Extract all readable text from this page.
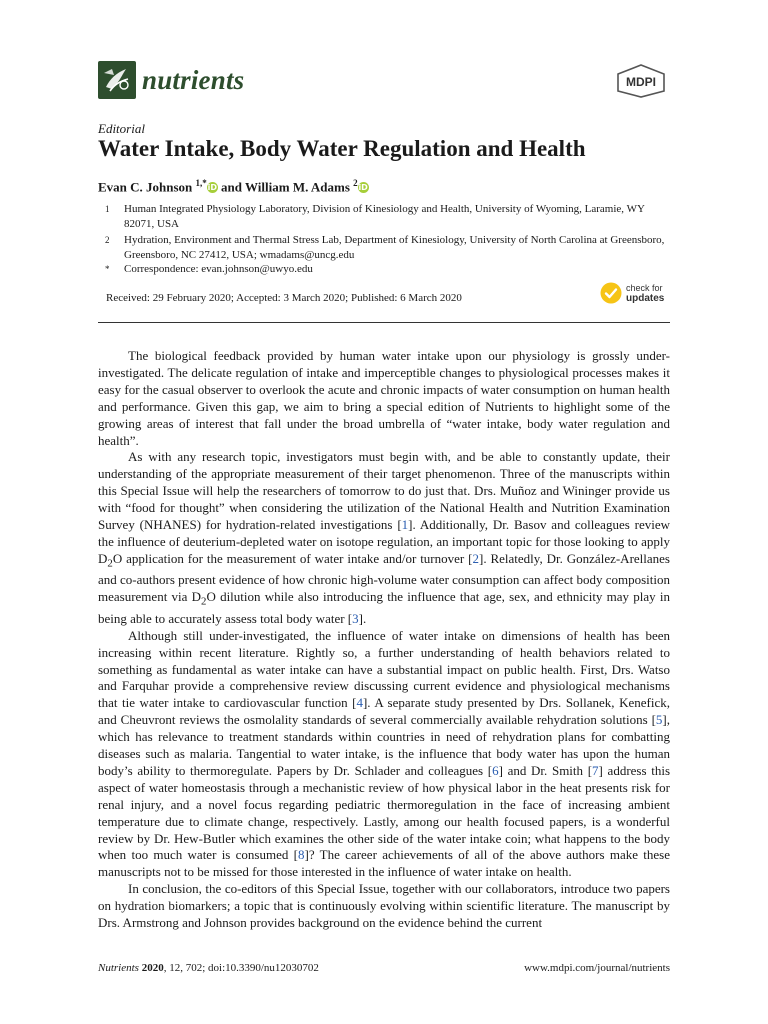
nutrients	MDPI
Editorial
Water Intake, Body Water Regulation and Health
Evan C. Johnson $^{1,*}$iD and William M. Adams $^2$iD
1	Human Integrated Physiology Laboratory, Division of Kinesiology and Health, University of Wyoming, Laramie, WY 82071, USA
2	Hydration, Environment and Thermal Stress Lab, Department of Kinesiology, University of North Carolina at Greensboro, Greensboro, NC 27412, USA; wmadams@uncg.edu
*	Correspondence: evan.johnson@uwyo.edu
Received: 29 February 2020; Accepted: 3 March 2020; Published: 6 March 2020
check for
updates

The biological feedback provided by human water intake upon our physiology is grossly under-investigated. The delicate regulation of intake and imperceptible changes to physiological processes makes it easy for the casual observer to overlook the acute and chronic impacts of water consumption on human health and performance. Given this gap, we aim to bring a special edition of Nutrients to highlight some of the growing areas of interest that fall under the broad umbrella of “water intake, body water regulation and health”.

As with any research topic, investigators must begin with, and be able to constantly update, their understanding of the appropriate measurement of their target phenomenon. Three of the manuscripts within this Special Issue will help the researchers of tomorrow to do just that. Drs. Muñoz and Wininger provide us with “food for thought” when considering the utilization of the National Health and Nutrition Examination Survey (NHANES) for hydration-related investigations [1]. Additionally, Dr. Basov and colleagues review the influence of deuterium-depleted water on isotope regulation, an important topic for those looking to apply $D_2O$ application for the measurement of water intake and/or turnover [2]. Relatedly, Dr. González-Arellanes and co-authors present evidence of how chronic high-volume water consumption can affect body composition measurement via $D_2O$ dilution while also introducing the influence that age, sex, and ethnicity may play in being able to accurately assess total body water [3].

Although still under-investigated, the influence of water intake on dimensions of health has been increasing within recent literature. Rightly so, a further understanding of health behaviors related to something as fundamental as water intake can have a substantial impact on public health. First, Drs. Watso and Farquhar provide a comprehensive review discussing current evidence and physiological mechanisms that tie water intake to cardiovascular function [4]. A separate study presented by Drs. Sollanek, Kenefick, and Cheuvront reviews the osmolality standards of several commercially available rehydration solutions [5], which has relevance to treatment standards within countries in need of rehydration plans for combatting diseases such as malaria. Tangential to water intake, is the influence that body water has upon the human body’s ability to thermoregulate. Papers by Dr. Schlader and colleagues [6] and Dr. Smith [7] address this aspect of water homeostasis through a mechanistic review of how physical labor in the heat presents risk for renal injury, and a novel focus regarding pediatric thermoregulation in the face of increasing ambient temperature due to climate change, respectively. Lastly, among our health focused papers, is a wonderful review by Dr. Hew-Butler which examines the other side of the water intake coin; what happens to the body when too much water is consumed [8]? The career achievements of all of the above authors make these manuscripts not to be missed for those interested in the influence of water intake on health.

In conclusion, the co-editors of this Special Issue, together with our collaborators, introduce two papers on hydration biomarkers; a topic that is continuously evolving within scientific literature. The manuscript by Drs. Armstrong and Johnson provides background on the evidence behind the current

Nutrients 2020, 12, 702; doi:10.3390/nu12030702	www.mdpi.com/journal/nutrients
